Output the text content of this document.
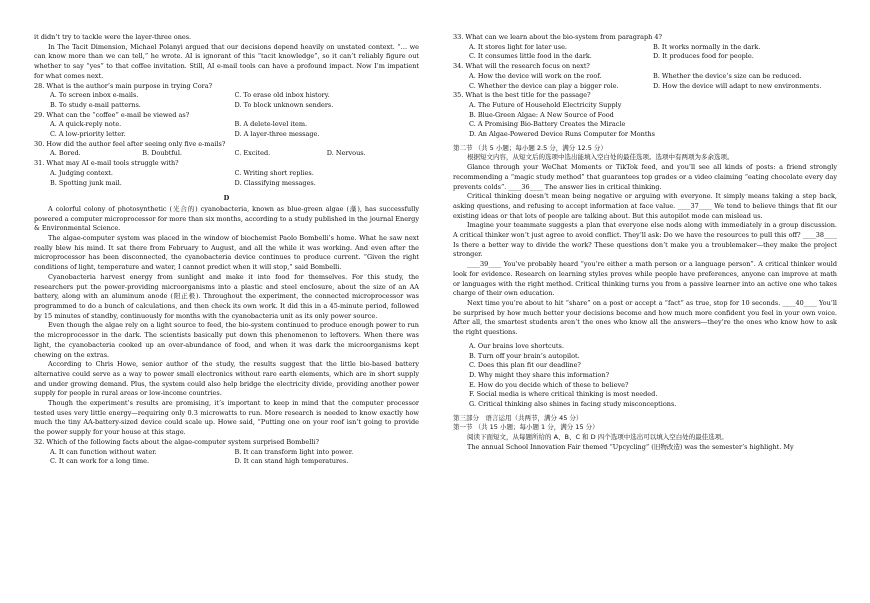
it didn’t try to tackle were the layer-three ones.

In The Tacit Dimension, Michael Polanyi argued that our decisions depend heavily on unstated context. “… we can know more than we can tell,” he wrote. AI is ignorant of this “tacit knowledge”, so it can’t reliably figure out whether to say “yes” to that coffee invitation. Still, AI e-mail tools can have a profound impact. Now I’m impatient for what comes next.

28. What is the author’s main purpose in trying Cora?

A. To screen inbox e-mails.	C. To erase old inbox history.
B. To study e-mail patterns.	D. To block unknown senders.

29. What can the “coffee” e-mail be viewed as?

A. A quick-reply note.	B. A delete-level item.
C. A low-priority letter.	D. A layer-three message.

30. How did the author feel after seeing only five e-mails?

A. Bored.	B. Doubtful.	C. Excited.	D. Nervous.

31. What may AI e-mail tools struggle with?

A. Judging context.	C. Writing short replies.
B. Spotting junk mail.	D. Classifying messages.
D

A colorful colony of photosynthetic (光合的) cyanobacteria, known as blue-green algae (藻), has successfully powered a computer microprocessor for more than six months, according to a study published in the journal Energy & Environmental Science.

The algae-computer system was placed in the window of biochemist Paolo Bombelli’s home. What he saw next really blew his mind. It sat there from February to August, and all the while it was working. And even after the microprocessor has been disconnected, the cyanobacteria device continues to produce current. “Given the right conditions of light, temperature and water, I cannot predict when it will stop,” said Bombelli.

Cyanobacteria harvest energy from sunlight and make it into food for themselves. For this study, the researchers put the power-providing microorganisms into a plastic and steel enclosure, about the size of an AA battery, along with an aluminum anode (阳正极). Throughout the experiment, the connected microprocessor was programmed to do a bunch of calculations, and then check its own work. It did this in a 45-minute period, followed by 15 minutes of standby, continuously for months with the cyanobacteria unit as its only power source.

Even though the algae rely on a light source to feed, the bio-system continued to produce enough power to run the microprocessor in the dark. The scientists basically put down this phenomenon to leftovers. When there was light, the cyanobacteria cooked up an over-abundance of food, and when it was dark the microorganisms kept chewing on the extras.

According to Chris Howe, senior author of the study, the results suggest that the little bio-based battery alternative could serve as a way to power small electronics without rare earth elements, which are in short supply and under growing demand. Plus, the system could also help bridge the electricity divide, providing another power supply for people in rural areas or low-income countries.

Though the experiment’s results are promising, it’s important to keep in mind that the computer processor tested uses very little energy—requiring only 0.3 microwatts to run. More research is needed to know exactly how much the tiny AA-battery-sized device could scale up. Howe said, “Putting one on your roof isn’t going to provide the power supply for your house at this stage.

32. Which of the following facts about the algae-computer system surprised Bombelli?

A. It can function without water.	B. It can transform light into power.
C. It can work for a long time.	D. It can stand high temperatures.

33. What can we learn about the bio-system from paragraph 4?

A. It stores light for later use.	B. It works normally in the dark.
C. It consumes little food in the dark.	D. It produces food for people.

34. What will the research focus on next?

A. How the device will work on the roof.	B. Whether the device’s size can be reduced.
C. Whether the device can play a bigger role.	D. How the device will adapt to new environments.

35. What is the best title for the passage?

A. The Future of Household Electricity Supply
B. Blue-Green Algae: A New Source of Food
C. A Promising Bio-Battery Creates the Miracle
D. An Algae-Powered Device Runs Computer for Months

第二节 （共 5 小题；每小题 2.5 分，满分 12.5 分）

根据短文内容，从短文后的选项中选出能填入空白处的最佳选项。选项中有两项为多余选项。

Glance through your WeChat Moments or TikTok feed, and you’ll see all kinds of posts: a friend strongly recommending a “magic study method” that guarantees top grades or a video claiming “eating chocolate every day prevents colds”. ____36____ The answer lies in critical thinking.

Critical thinking doesn’t mean being negative or arguing with everyone. It simply means taking a step back, asking questions, and refusing to accept information at face value. ____37____ We tend to believe things that fit our existing ideas or that lots of people are talking about. But this autopilot mode can mislead us.

Imagine your teammate suggests a plan that everyone else nods along with immediately in a group discussion. A critical thinker won’t just agree to avoid conflict. They’ll ask: Do we have the resources to pull this off? ____38____ Is there a better way to divide the work? These questions don’t make you a troublemaker—they make the project stronger.

____39____ You’ve probably heard “you’re either a math person or a language person”. A critical thinker would look for evidence. Research on learning styles proves while people have preferences, anyone can improve at math or languages with the right method. Critical thinking turns you from a passive learner into an active one who takes charge of their own education.

Next time you’re about to hit “share” on a post or accept a “fact” as true, stop for 10 seconds. ____40____ You’ll be surprised by how much better your decisions become and how much more confident you feel in your own voice. After all, the smartest students aren’t the ones who know all the answers—they’re the ones who know how to ask the right questions.

A. Our brains love shortcuts.
B. Turn off your brain’s autopilot.
C. Does this plan fit our deadline?
D. Why might they share this information?
E. How do you decide which of these to believe?
F. Social media is where critical thinking is most needed.
G. Critical thinking also shines in facing study misconceptions.

第三部分　语言运用（共两节，满分 45 分）

第一节 （共 15 小题；每小题 1 分，满分 15 分）

阅读下面短文，从每题所给的 A、B、C 和 D 四个选项中选出可以填入空白处的最佳选项。

The annual School Innovation Fair themed “Upcycling” (旧物改造) was the semester’s highlight. My
